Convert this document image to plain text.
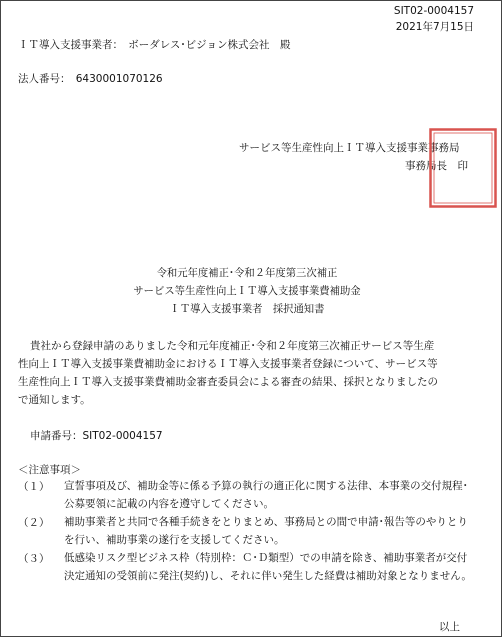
SIT02-0004157
2021年7月15日
ＩＴ導入支援事業者：　ボーダレス･ビジョン株式会社　殿
法人番号：　6430001070126
サービス等生産性向上ＩＴ導入支援事業事務局
事務局長　印
令和元年度補正･令和２年度第三次補正
サービス等生産性向上ＩＴ導入支援事業費補助金
ＩＴ導入支援事業者　採択通知書
貴社から登録申請のありました令和元年度補正･令和２年度第三次補正サービス等生産
性向上ＩＴ導入支援事業費補助金におけるＩＴ導入支援事業者登録について、サービス等
生産性向上ＩＴ導入支援事業費補助金審査委員会による審査の結果、採択となりましたの
で通知します。
申請番号：SIT02-0004157
＜注意事項＞
（１） 宣誓事項及び、補助金等に係る予算の執行の適正化に関する法律、本事業の交付規程･
公募要領に記載の内容を遵守してください。
（２） 補助事業者と共同で各種手続きをとりまとめ、事務局との間で申請･報告等のやりとり
を行い、補助事業の遂行を支援してください。
（３） 低感染リスク型ビジネス枠（特別枠：Ｃ･Ｄ類型）での申請を除き、補助事業者が交付
決定通知の受領前に発注(契約)し、それに伴い発生した経費は補助対象となりません。
以上
